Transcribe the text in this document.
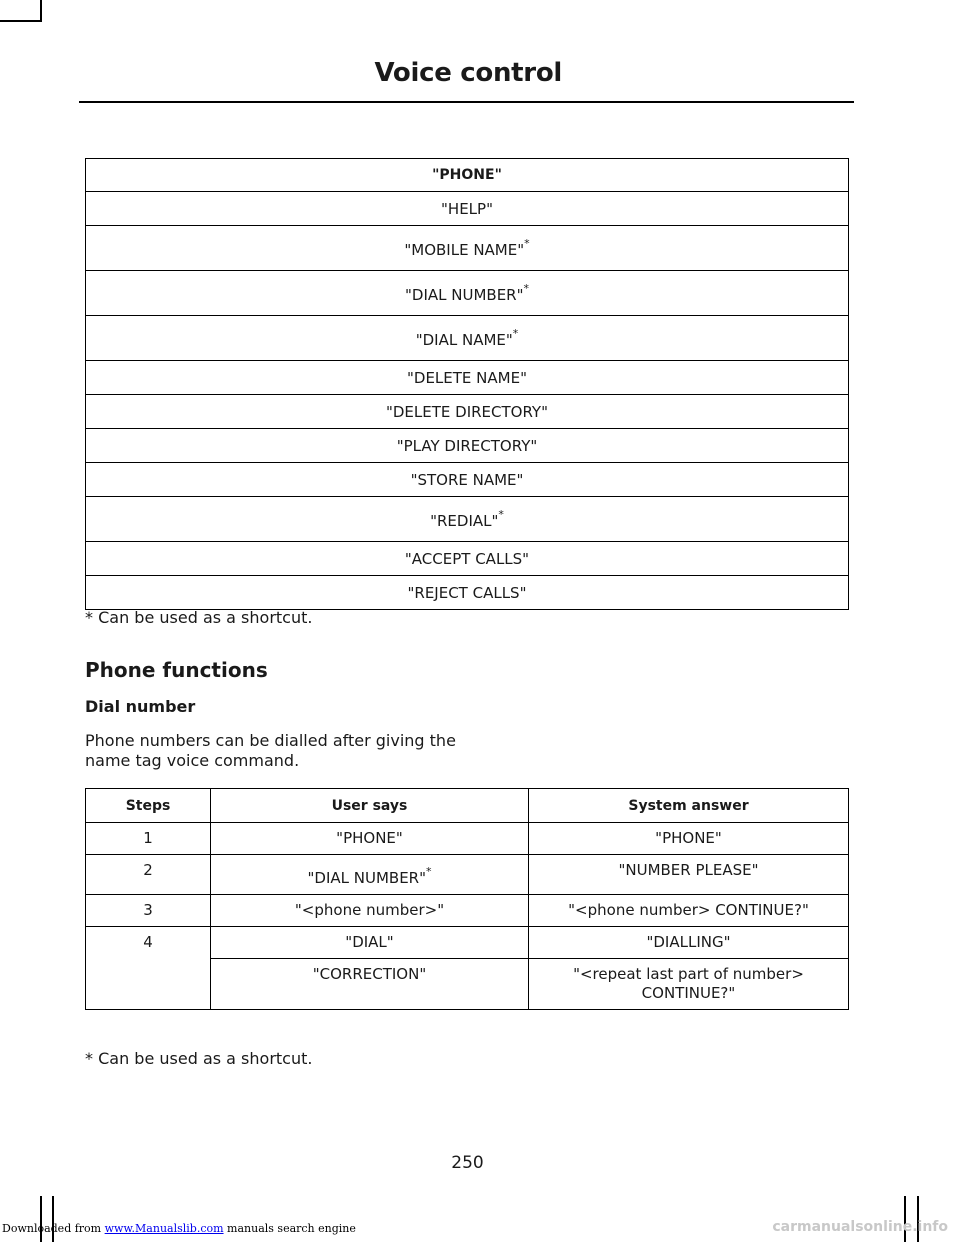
Voice control
"PHONE"
"HELP"
"MOBILE NAME"*
"DIAL NUMBER"*
"DIAL NAME"*
"DELETE NAME"
"DELETE DIRECTORY"
"PLAY DIRECTORY"
"STORE NAME"
"REDIAL"*
"ACCEPT CALLS"
"REJECT CALLS"
* Can be used as a shortcut.
Phone functions
Dial number
Phone numbers can be dialled after giving the name tag voice command.
Steps	User says	System answer
1	"PHONE"	"PHONE"
2	"DIAL NUMBER"*	"NUMBER PLEASE"
3	"<phone number>"	"<phone number> CONTINUE?"
4	"DIAL"	"DIALLING"
	"CORRECTION"	"<repeat last part of number> CONTINUE?"
* Can be used as a shortcut.
250
Downloaded from www.Manualslib.com manuals search engine	carmanualsonline.info
